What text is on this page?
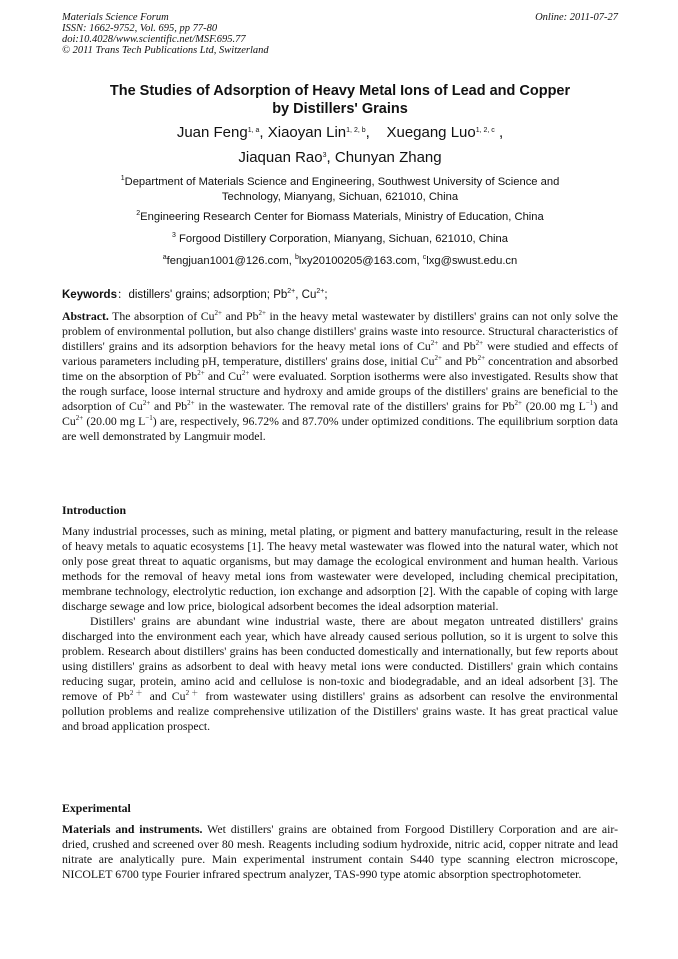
Materials Science Forum	Online: 2011-07-27
ISSN: 1662-9752, Vol. 695, pp 77-80
doi:10.4028/www.scientific.net/MSF.695.77
© 2011 Trans Tech Publications Ltd, Switzerland
The Studies of Adsorption of Heavy Metal Ions of Lead and Copper
by Distillers' Grains
Juan Feng$^{1, a}$, Xiaoyan Lin$^{1, 2, b}$,    Xuegang Luo$^{1, 2, c}$ ,
Jiaquan Rao$^3$, Chunyan Zhang
$^1$Department of Materials Science and Engineering, Southwest University of Science and
Technology, Mianyang, Sichuan, 621010, China
$^2$Engineering Research Center for Biomass Materials, Ministry of Education, China
$^3$ Forgood Distillery Corporation, Mianyang, Sichuan, 621010, China
$^a$fengjuan1001@126.com, $^b$lxy20100205@163.com, $^c$lxg@swust.edu.cn
Keywords：distillers' grains; adsorption; $Pb^{2+}$, $Cu^{2+}$;

Abstract. The absorption of $Cu^{2+}$ and $Pb^{2+}$ in the heavy metal wastewater by distillers' grains can not only solve the problem of environmental pollution, but also change distillers' grains waste into resource. Structural characteristics of distillers' grains and its adsorption behaviors for the heavy metal ions of $Cu^{2+}$ and $Pb^{2+}$ were studied and effects of various parameters including pH, temperature, distillers' grains dose, initial $Cu^{2+}$ and $Pb^{2+}$ concentration and absorbed time on the absorption of $Pb^{2+}$ and $Cu^{2+}$ were evaluated. Sorption isotherms were also investigated. Results show that the rough surface, loose internal structure and hydroxy and amide groups of the distillers' grains are beneficial to the adsorption of $Cu^{2+}$ and $Pb^{2+}$ in the wastewater. The removal rate of the distillers' grains for $Pb^{2+}$ (20.00 mg $L^{-1}$) and $Cu^{2+}$ (20.00 mg $L^{-1}$) are, respectively, 96.72% and 87.70% under optimized conditions. The equilibrium sorption data are well demonstrated by Langmuir model.

Introduction

Many industrial processes, such as mining, metal plating, or pigment and battery manufacturing, result in the release of heavy metals to aquatic ecosystems [1]. The heavy metal wastewater was flowed into the natural water, which not only pose great threat to aquatic organisms, but may damage the ecological environment and human health. Various methods for the removal of heavy metal ions from wastewater were developed, including chemical precipitation, membrane technology, electrolytic reduction, ion exchange and adsorption [2]. With the capable of coping with large discharge sewage and low price, biological adsorbent becomes the ideal adsorption material.

Distillers' grains are abundant wine industrial waste, there are about megaton untreated distillers' grains discharged into the environment each year, which have already caused serious pollution, so it is urgent to solve this problem. Research about distillers' grains has been conducted domestically and internationally, but few reports about using distillers' grains as adsorbent to deal with heavy metal ions were conducted. Distillers' grain which contains reducing sugar, protein, amino acid and cellulose is non-toxic and biodegradable, and an ideal adsorbent [3]. The remove of $Pb^{2+}$ and $Cu^{2+}$ from wastewater using distillers' grains as adsorbent can resolve the environmental pollution problems and realize comprehensive utilization of the Distillers' grains waste. It has great practical value and broad application prospect.

Experimental

Materials and instruments. Wet distillers' grains are obtained from Forgood Distillery Corporation and are air-dried, crushed and screened over 80 mesh. Reagents including sodium hydroxide, nitric acid, copper nitrate and lead nitrate are analytically pure. Main experimental instrument contain S440 type scanning electron microscope, NICOLET 6700 type Fourier infrared spectrum analyzer, TAS-990 type atomic absorption spectrophotometer.
